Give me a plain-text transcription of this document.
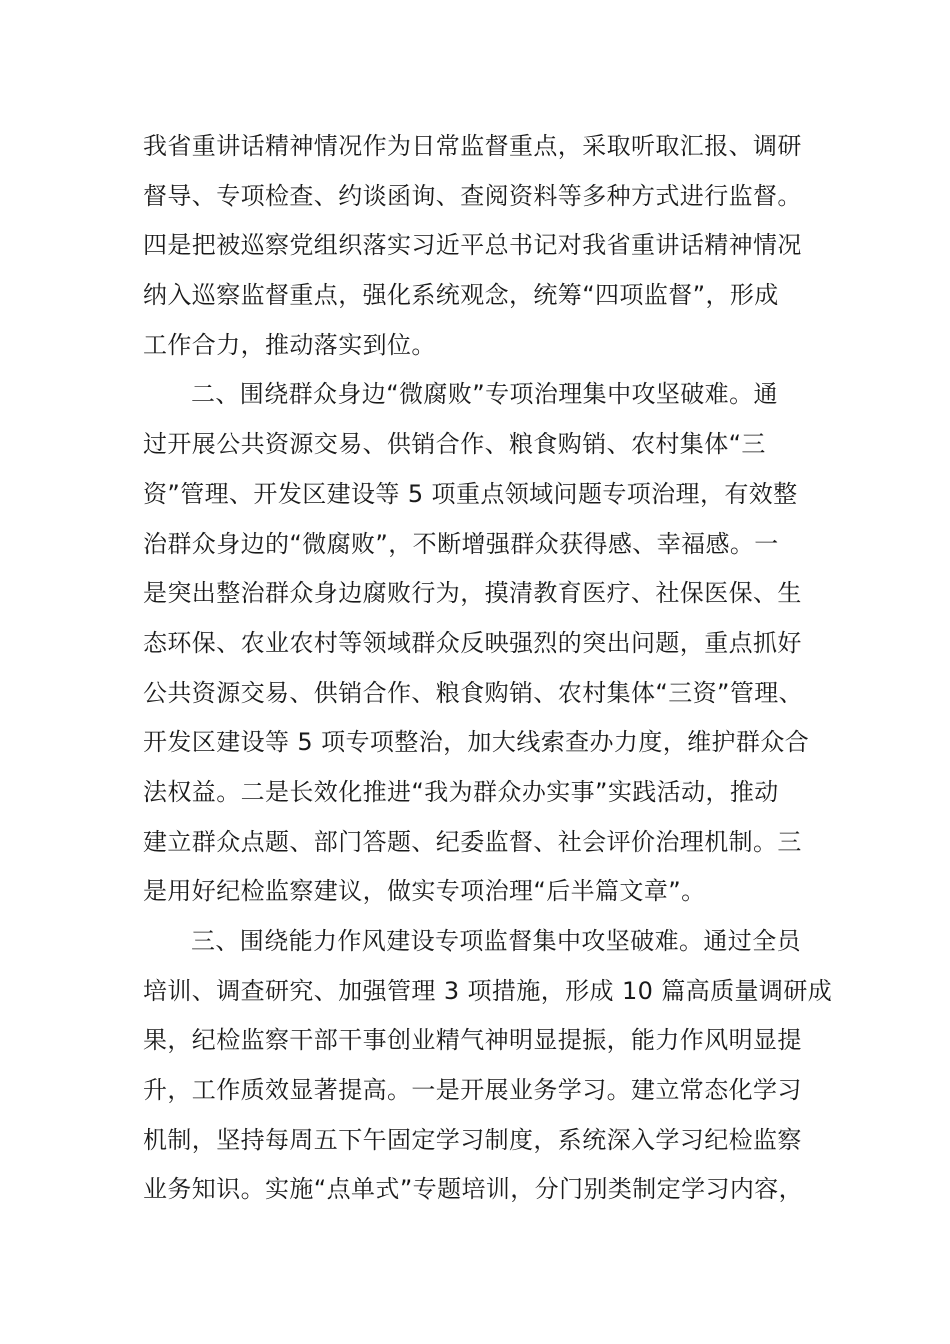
我省重讲话精神情况作为日常监督重点，采取听取汇报、调研
督导、专项检查、约谈函询、查阅资料等多种方式进行监督。
四是把被巡察党组织落实习近平总书记对我省重讲话精神情况
纳入巡察监督重点，强化系统观念，统筹“四项监督”，形成
工作合力，推动落实到位。
二、围绕群众身边“微腐败”专项治理集中攻坚破难。通
过开展公共资源交易、供销合作、粮食购销、农村集体“三
资”管理、开发区建设等 5 项重点领域问题专项治理，有效整
治群众身边的“微腐败”，不断增强群众获得感、幸福感。一
是突出整治群众身边腐败行为，摸清教育医疗、社保医保、生
态环保、农业农村等领域群众反映强烈的突出问题，重点抓好
公共资源交易、供销合作、粮食购销、农村集体“三资”管理、
开发区建设等 5 项专项整治，加大线索查办力度，维护群众合
法权益。二是长效化推进“我为群众办实事”实践活动，推动
建立群众点题、部门答题、纪委监督、社会评价治理机制。三
是用好纪检监察建议，做实专项治理“后半篇文章”。
三、围绕能力作风建设专项监督集中攻坚破难。通过全员
培训、调查研究、加强管理 3 项措施，形成 10 篇高质量调研成
果，纪检监察干部干事创业精气神明显提振，能力作风明显提
升，工作质效显著提高。一是开展业务学习。建立常态化学习
机制，坚持每周五下午固定学习制度，系统深入学习纪检监察
业务知识。实施“点单式”专题培训，分门别类制定学习内容，
